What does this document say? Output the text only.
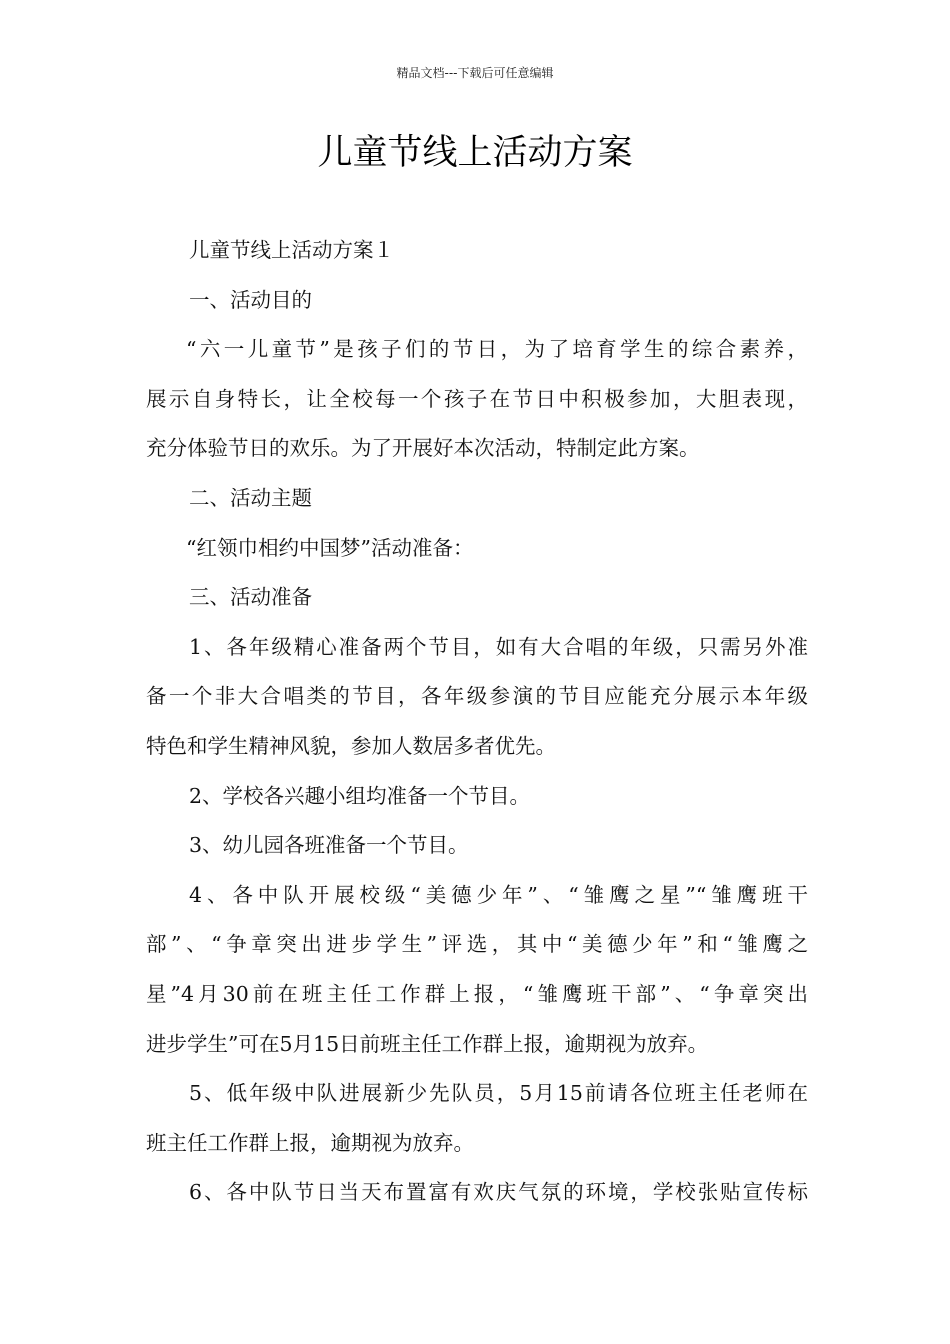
精品文档---下载后可任意编辑
儿童节线上活动方案
儿童节线上活动方案１
一、活动目的
“六一儿童节”是孩子们的节日，为了培育学生的综合素养，
展示自身特长，让全校每一个孩子在节日中积极参加，大胆表现，
充分体验节日的欢乐。为了开展好本次活动，特制定此方案。
二、活动主题
“红领巾相约中国梦”活动准备：
三、活动准备
1、各年级精心准备两个节目，如有大合唱的年级，只需另外准
备一个非大合唱类的节目，各年级参演的节目应能充分展示本年级
特色和学生精神风貌，参加人数居多者优先。
2、学校各兴趣小组均准备一个节目。
3、幼儿园各班准备一个节目。
4、各中队开展校级“美德少年”、“雏鹰之星”“雏鹰班干
部”、“争章突出进步学生”评选，其中“美德少年”和“雏鹰之
星”4月30前在班主任工作群上报，“雏鹰班干部”、“争章突出
进步学生”可在5月15日前班主任工作群上报，逾期视为放弃。
5、低年级中队进展新少先队员，5月15前请各位班主任老师在
班主任工作群上报，逾期视为放弃。
6、各中队节日当天布置富有欢庆气氛的环境，学校张贴宣传标
